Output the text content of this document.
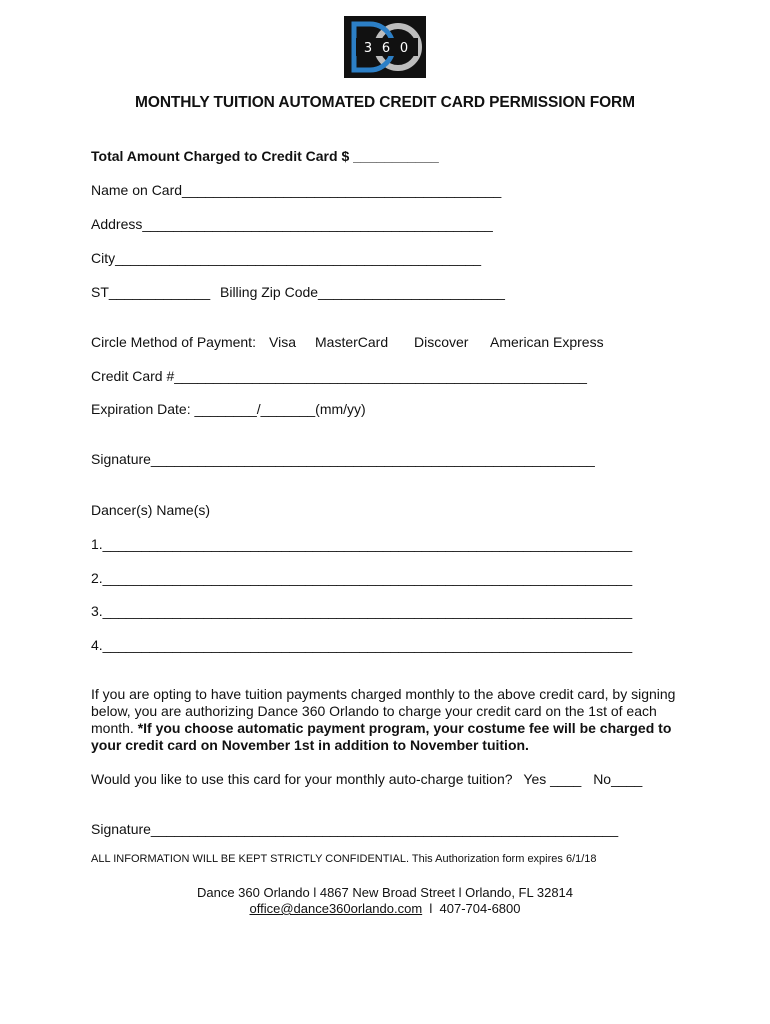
3 6 0
MONTHLY TUITION AUTOMATED CREDIT CARD PERMISSION FORM
Total Amount Charged to Credit Card $ ___________
Name on Card_________________________________________
Address_____________________________________________
City_______________________________________________
ST_____________ Billing Zip Code________________________
Circle Method of Payment: Visa MasterCard Discover American Express
Credit Card #_____________________________________________________
Expiration Date: ________/_______(mm/yy)
Signature_________________________________________________________
Dancer(s) Name(s)
1.____________________________________________________________________
2.____________________________________________________________________
3.____________________________________________________________________
4.____________________________________________________________________
If you are opting to have tuition payments charged monthly to the above credit card, by signing below, you are authorizing Dance 360 Orlando to charge your credit card on the 1st of each month. *If you choose automatic payment program, your costume fee will be charged to your credit card on November 1st in addition to November tuition.
Would you like to use this card for your monthly auto-charge tuition? Yes ____ No____
Signature____________________________________________________________
ALL INFORMATION WILL BE KEPT STRICTLY CONFIDENTIAL. This Authorization form expires 6/1/18
Dance 360 Orlando l 4867 New Broad Street l Orlando, FL 32814
office@dance360orlando.com l 407-704-6800
